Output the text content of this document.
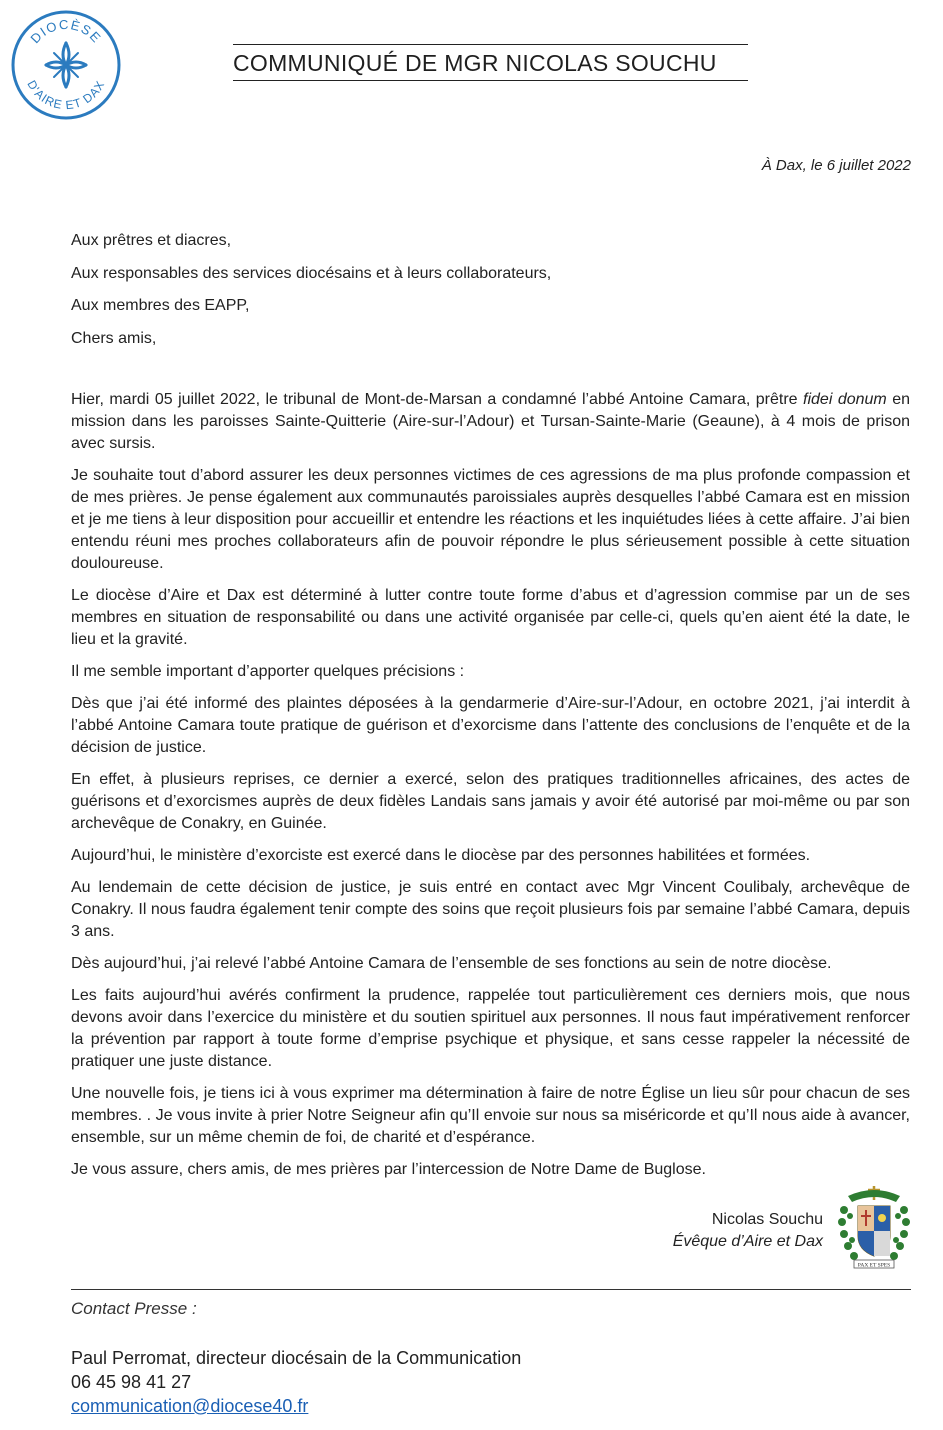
DIOCÈSE
D'AIRE ET DAX
COMMUNIQUÉ DE MGR NICOLAS SOUCHU
À Dax, le 6 juillet 2022
Aux prêtres et diacres,
Aux responsables des services diocésains et à leurs collaborateurs,
Aux membres des EAPP,
Chers amis,

Hier, mardi 05 juillet 2022, le tribunal de Mont-de-Marsan a condamné l’abbé Antoine Camara, prêtre fidei donum en mission dans les paroisses Sainte-Quitterie (Aire-sur-l’Adour) et Tursan-Sainte-Marie (Geaune), à 4 mois de prison avec sursis.

Je souhaite tout d’abord assurer les deux personnes victimes de ces agressions de ma plus profonde compassion et de mes prières. Je pense également aux communautés paroissiales auprès desquelles l’abbé Camara est en mission et je me tiens à leur disposition pour accueillir et entendre les réactions et les inquiétudes liées à cette affaire. J’ai bien entendu réuni mes proches collaborateurs afin de pouvoir répondre le plus sérieusement possible à cette situation douloureuse.

Le diocèse d’Aire et Dax est déterminé à lutter contre toute forme d’abus et d’agression commise par un de ses membres en situation de responsabilité ou dans une activité organisée par celle-ci, quels qu’en aient été la date, le lieu et la gravité.

Il me semble important d’apporter quelques précisions :

Dès que j’ai été informé des plaintes déposées à la gendarmerie d’Aire-sur-l’Adour, en octobre 2021, j’ai interdit à l’abbé Antoine Camara toute pratique de guérison et d’exorcisme dans l’attente des conclusions de l’enquête et de la décision de justice.

En effet, à plusieurs reprises, ce dernier a exercé, selon des pratiques traditionnelles africaines, des actes de guérisons et d’exorcismes auprès de deux fidèles Landais sans jamais y avoir été autorisé par moi-même ou par son archevêque de Conakry, en Guinée.

Aujourd’hui, le ministère d’exorciste est exercé dans le diocèse par des personnes habilitées et formées.

Au lendemain de cette décision de justice, je suis entré en contact avec Mgr Vincent Coulibaly, archevêque de Conakry. Il nous faudra également tenir compte des soins que reçoit plusieurs fois par semaine l’abbé Camara, depuis 3 ans.

Dès aujourd’hui, j’ai relevé l’abbé Antoine Camara de l’ensemble de ses fonctions au sein de notre diocèse.

Les faits aujourd’hui avérés confirment la prudence, rappelée tout particulièrement ces derniers mois, que nous devons avoir dans l’exercice du ministère et du soutien spirituel aux personnes. Il nous faut impérativement renforcer la prévention par rapport à toute forme d’emprise psychique et physique, et sans cesse rappeler la nécessité de pratiquer une juste distance.

Une nouvelle fois, je tiens ici à vous exprimer ma détermination à faire de notre Église un lieu sûr pour chacun de ses membres. . Je vous invite à prier Notre Seigneur afin qu’Il envoie sur nous sa miséricorde et qu’Il nous aide à avancer, ensemble, sur un même chemin de foi, de charité et d’espérance.

Je vous assure, chers amis, de mes prières par l’intercession de Notre Dame de Buglose.

Nicolas Souchu
Évêque d’Aire et Dax
PAX ET SPES
Contact Presse :
Paul Perromat, directeur diocésain de la Communication
06 45 98 41 27
communication@diocese40.fr
